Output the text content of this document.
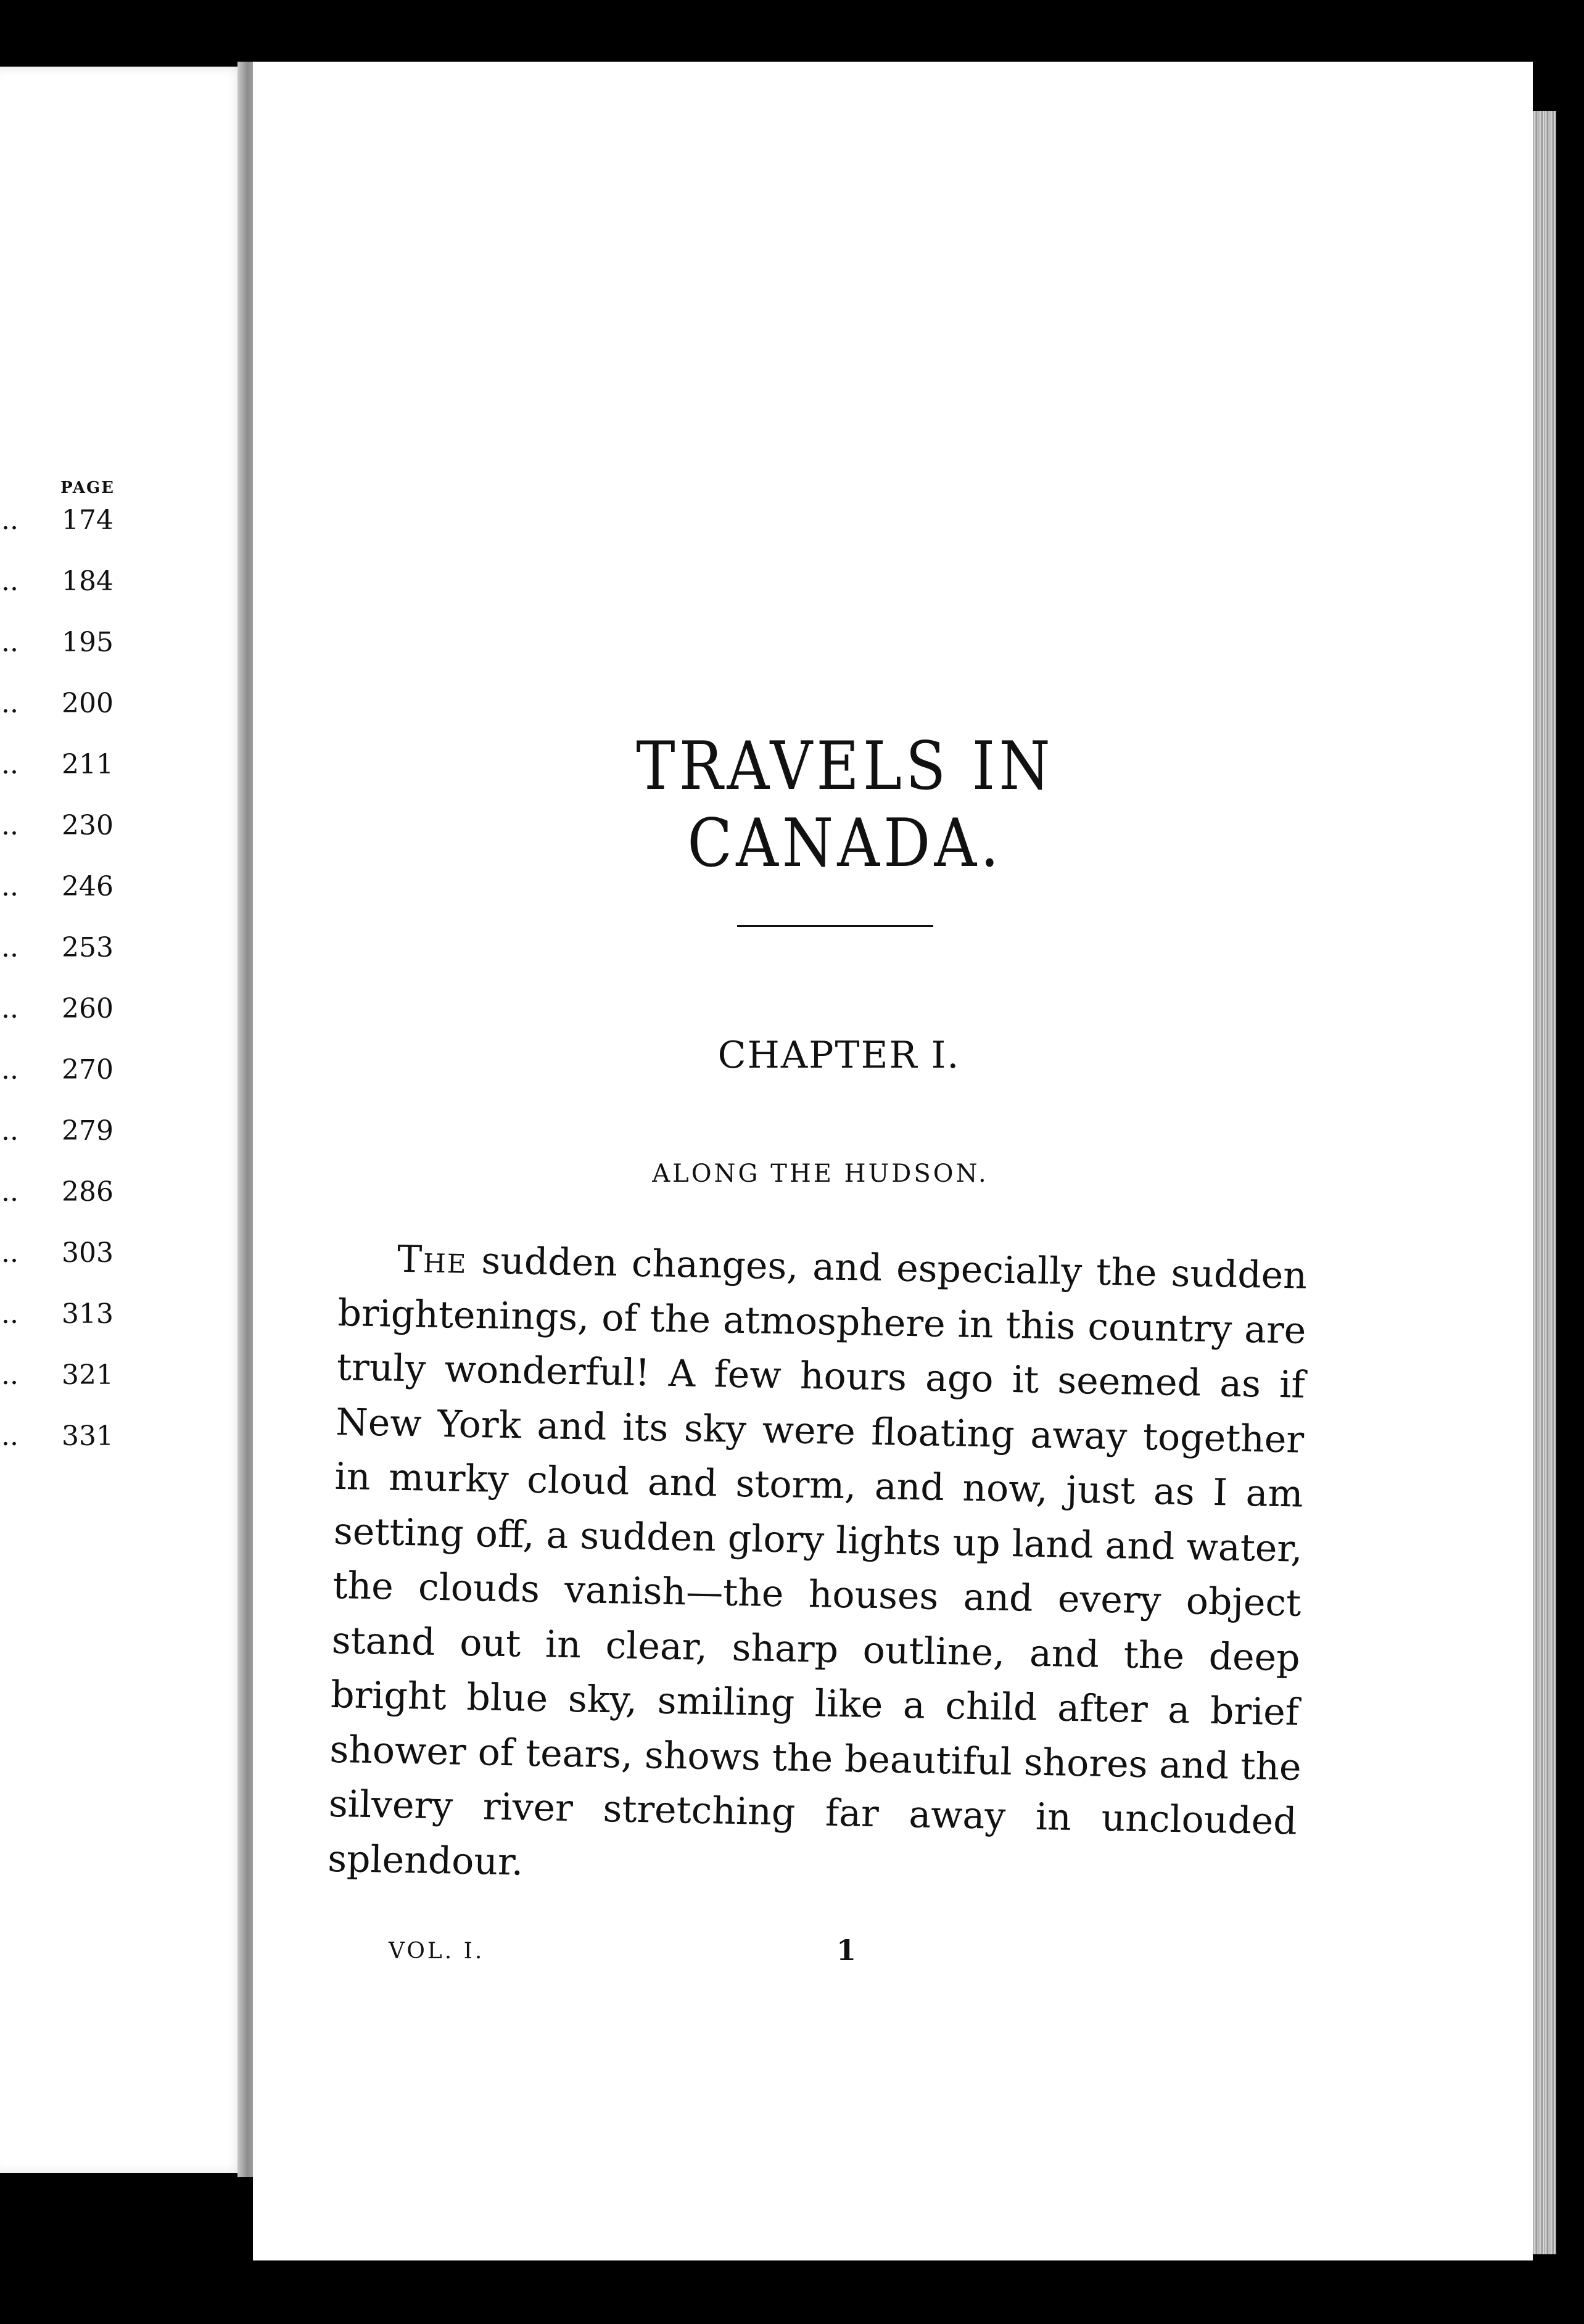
PAGE
.. 174
.. 184
.. 195
.. 200
.. 211
.. 230
.. 246
.. 253
.. 260
.. 270
.. 279
.. 286
.. 303
.. 313
.. 321
.. 331
TRAVELS IN CANADA.
CHAPTER I.
ALONG THE HUDSON.
The sudden changes, and especially the sudden
brightenings, of the atmosphere in this country are
truly wonderful! A few hours ago it seemed as if
New York and its sky were floating away together
in murky cloud and storm, and now, just as I am
setting off, a sudden glory lights up land and water,
the clouds vanish—the houses and every object
stand out in clear, sharp outline, and the deep
bright blue sky, smiling like a child after a brief
shower of tears, shows the beautiful shores and the
silvery river stretching far away in unclouded
splendour.
VOL. I.	1
